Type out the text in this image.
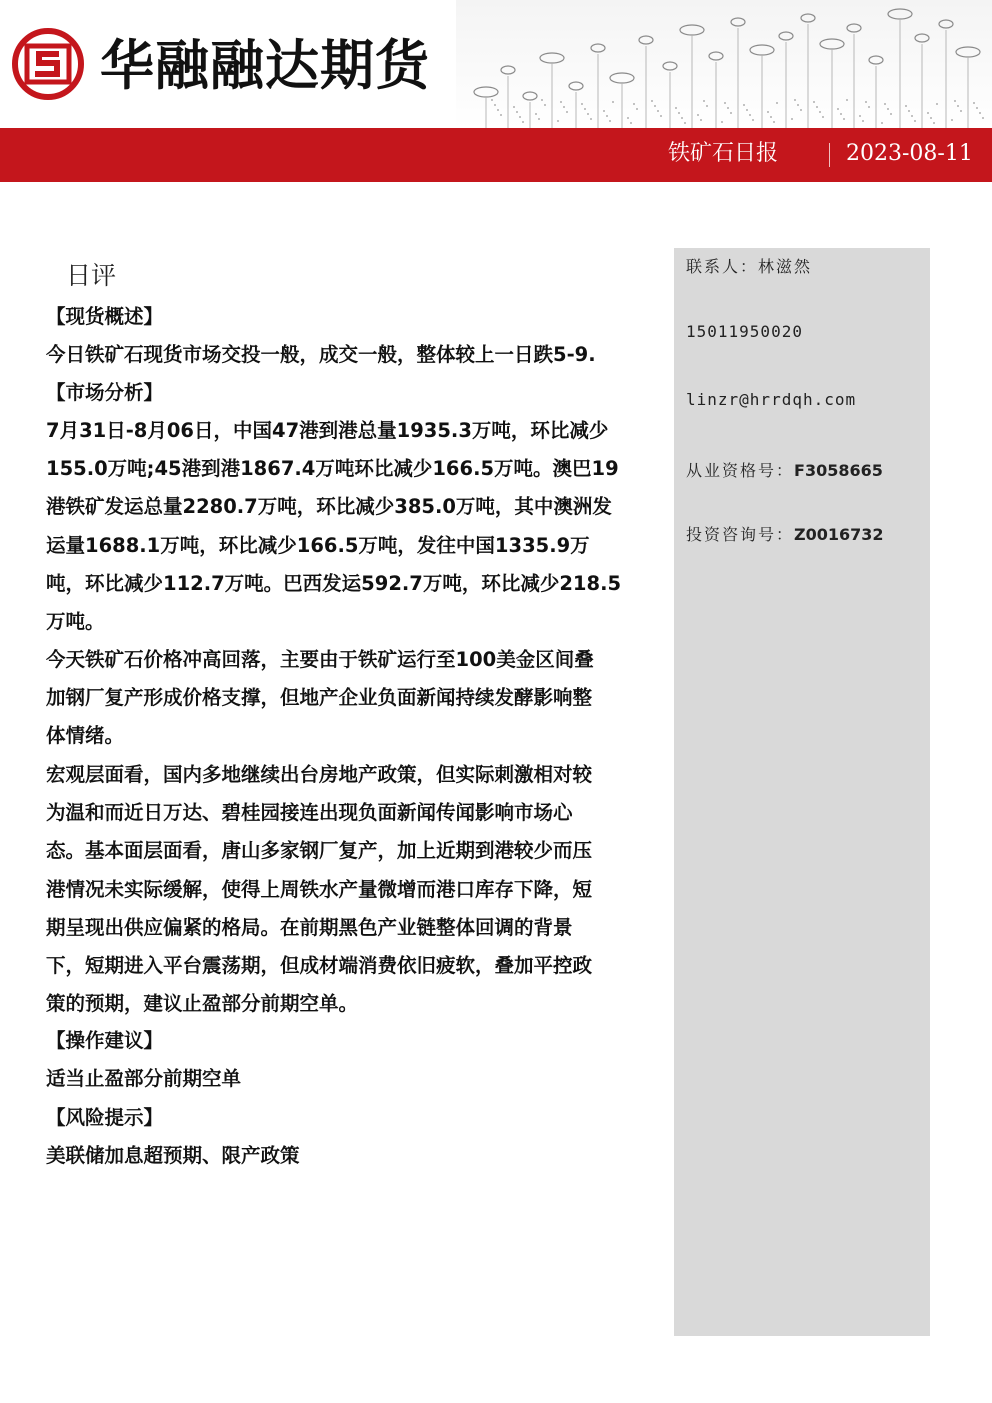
华融融达期货
铁矿石日报	2023-08-11
联系人：林滋然
15011950020
linzr@hrrdqh.com
从业资格号：F3058665
投资咨询号：Z0016732
日评
【现货概述】
今日铁矿石现货市场交投一般，成交一般，整体较上一日跌5-9.
【市场分析】
7月31日-8月06日，中国47港到港总量1935.3万吨，环比减少
155.0万吨;45港到港1867.4万吨环比减少166.5万吨。澳巴19
港铁矿发运总量2280.7万吨，环比减少385.0万吨，其中澳洲发
运量1688.1万吨，环比减少166.5万吨，发往中国1335.9万
吨，环比减少112.7万吨。巴西发运592.7万吨，环比减少218.5
万吨。
今天铁矿石价格冲高回落，主要由于铁矿运行至100美金区间叠
加钢厂复产形成价格支撑，但地产企业负面新闻持续发酵影响整
体情绪。
宏观层面看，国内多地继续出台房地产政策，但实际刺激相对较
为温和而近日万达、碧桂园接连出现负面新闻传闻影响市场心
态。基本面层面看，唐山多家钢厂复产，加上近期到港较少而压
港情况未实际缓解，使得上周铁水产量微增而港口库存下降，短
期呈现出供应偏紧的格局。在前期黑色产业链整体回调的背景
下，短期进入平台震荡期，但成材端消费依旧疲软，叠加平控政
策的预期，建议止盈部分前期空单。
【操作建议】
适当止盈部分前期空单
【风险提示】
美联储加息超预期、限产政策
